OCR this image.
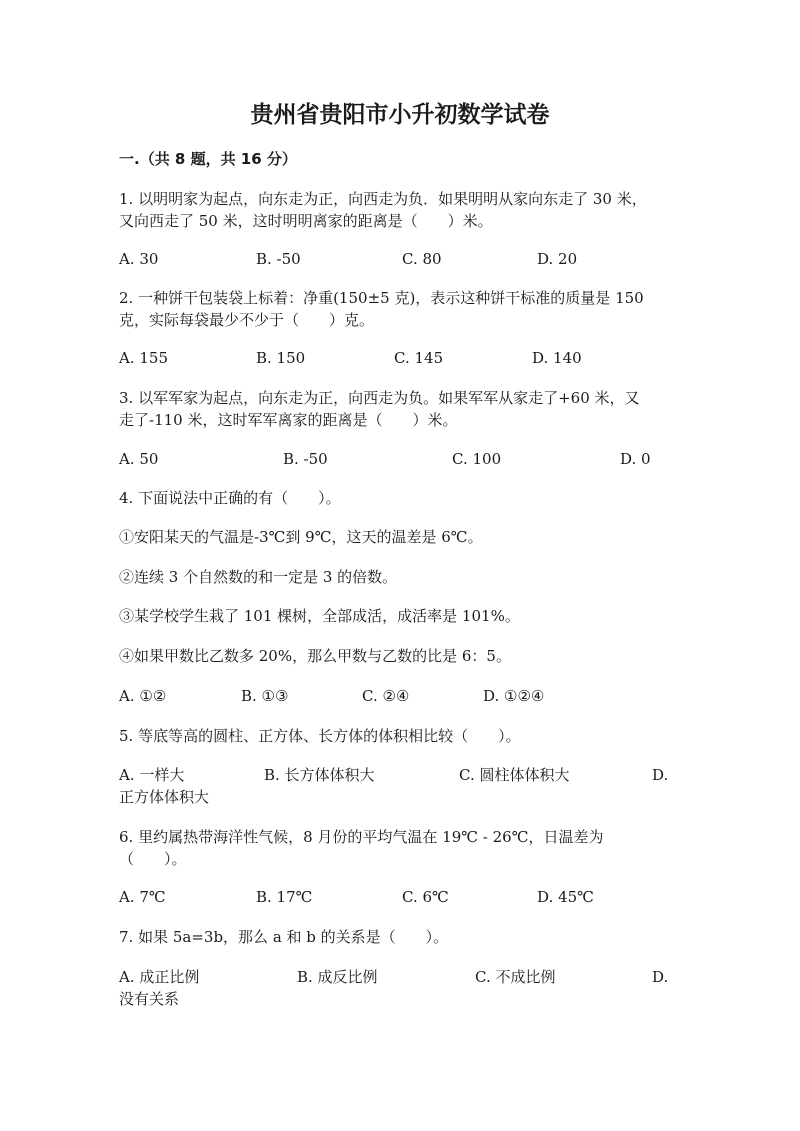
贵州省贵阳市小升初数学试卷
一.（共 8 题，共 16 分）
1. 以明明家为起点，向东走为正，向西走为负．如果明明从家向东走了 30 米，
又向西走了 50 米，这时明明离家的距离是（　　）米。
A. 30	B. -50	C. 80	D. 20
2. 一种饼干包装袋上标着：净重(150±5 克)，表示这种饼干标准的质量是 150
克，实际每袋最少不少于（　　）克。
A. 155	B. 150	C. 145	D. 140
3. 以军军家为起点，向东走为正，向西走为负。如果军军从家走了+60 米，又
走了-110 米，这时军军离家的距离是（　　）米。
A. 50	B. -50	C. 100	D. 0
4. 下面说法中正确的有（　　）。
①安阳某天的气温是-3℃到 9℃，这天的温差是 6℃。
②连续 3 个自然数的和一定是 3 的倍数。
③某学校学生栽了 101 棵树，全部成活，成活率是 101%。
④如果甲数比乙数多 20%，那么甲数与乙数的比是 6：5。
A. ①②	B. ①③	C. ②④	D. ①②④
5. 等底等高的圆柱、正方体、长方体的体积相比较（　　）。
A. 一样大	B. 长方体体积大	C. 圆柱体体积大	D.
正方体体积大
6. 里约属热带海洋性气候，8 月份的平均气温在 19℃ - 26℃，日温差为
（　　）。
A. 7℃	B. 17℃	C. 6℃	D. 45℃
7. 如果 5a=3b，那么 a 和 b 的关系是（　　）。
A. 成正比例	B. 成反比例	C. 不成比例	D.
没有关系
